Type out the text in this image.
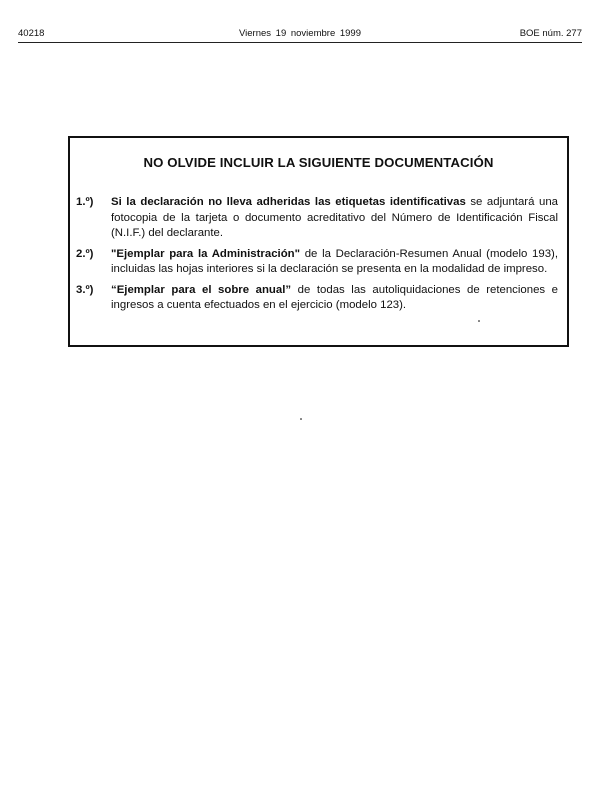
40218	Viernes 19 noviembre 1999	BOE núm. 277
NO OLVIDE INCLUIR LA SIGUIENTE DOCUMENTACIÓN
1.º) Si la declaración no lleva adheridas las etiquetas identificativas se adjuntará una fotocopia de la tarjeta o documento acreditativo del Número de Identificación Fiscal (N.I.F.) del declarante.
2.º) "Ejemplar para la Administración" de la Declaración-Resumen Anual (modelo 193), incluidas las hojas interiores si la declaración se presenta en la modalidad de impreso.
3.º) “Ejemplar para el sobre anual” de todas las autoliquidaciones de retenciones e ingresos a cuenta efectuados en el ejercicio (modelo 123).
